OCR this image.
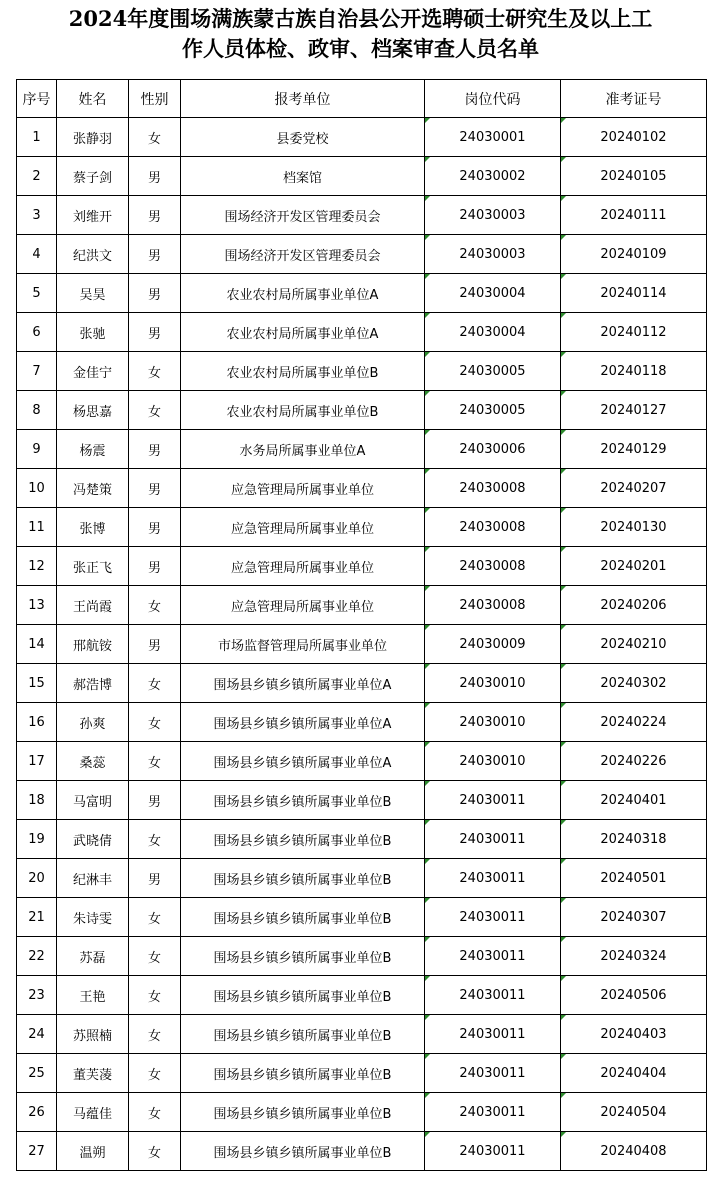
2024年度围场满族蒙古族自治县公开选聘硕士研究生及以上工
作人员体检、政审、档案审查人员名单
序号	姓名	性别	报考单位	岗位代码	准考证号
1	张静羽	女	县委党校	24030001	20240102
2	蔡子剑	男	档案馆	24030002	20240105
3	刘维开	男	围场经济开发区管理委员会	24030003	20240111
4	纪洪文	男	围场经济开发区管理委员会	24030003	20240109
5	吴昊	男	农业农村局所属事业单位A	24030004	20240114
6	张驰	男	农业农村局所属事业单位A	24030004	20240112
7	金佳宁	女	农业农村局所属事业单位B	24030005	20240118
8	杨思嘉	女	农业农村局所属事业单位B	24030005	20240127
9	杨震	男	水务局所属事业单位A	24030006	20240129
10	冯楚策	男	应急管理局所属事业单位	24030008	20240207
11	张博	男	应急管理局所属事业单位	24030008	20240130
12	张正飞	男	应急管理局所属事业单位	24030008	20240201
13	王尚霞	女	应急管理局所属事业单位	24030008	20240206
14	邢航铵	男	市场监督管理局所属事业单位	24030009	20240210
15	郝浩博	女	围场县乡镇乡镇所属事业单位A	24030010	20240302
16	孙爽	女	围场县乡镇乡镇所属事业单位A	24030010	20240224
17	桑蕊	女	围场县乡镇乡镇所属事业单位A	24030010	20240226
18	马富明	男	围场县乡镇乡镇所属事业单位B	24030011	20240401
19	武晓倩	女	围场县乡镇乡镇所属事业单位B	24030011	20240318
20	纪淋丰	男	围场县乡镇乡镇所属事业单位B	24030011	20240501
21	朱诗雯	女	围场县乡镇乡镇所属事业单位B	24030011	20240307
22	苏磊	女	围场县乡镇乡镇所属事业单位B	24030011	20240324
23	王艳	女	围场县乡镇乡镇所属事业单位B	24030011	20240506
24	苏照楠	女	围场县乡镇乡镇所属事业单位B	24030011	20240403
25	董芙蓤	女	围场县乡镇乡镇所属事业单位B	24030011	20240404
26	马蕴佳	女	围场县乡镇乡镇所属事业单位B	24030011	20240504
27	温朔	女	围场县乡镇乡镇所属事业单位B	24030011	20240408
